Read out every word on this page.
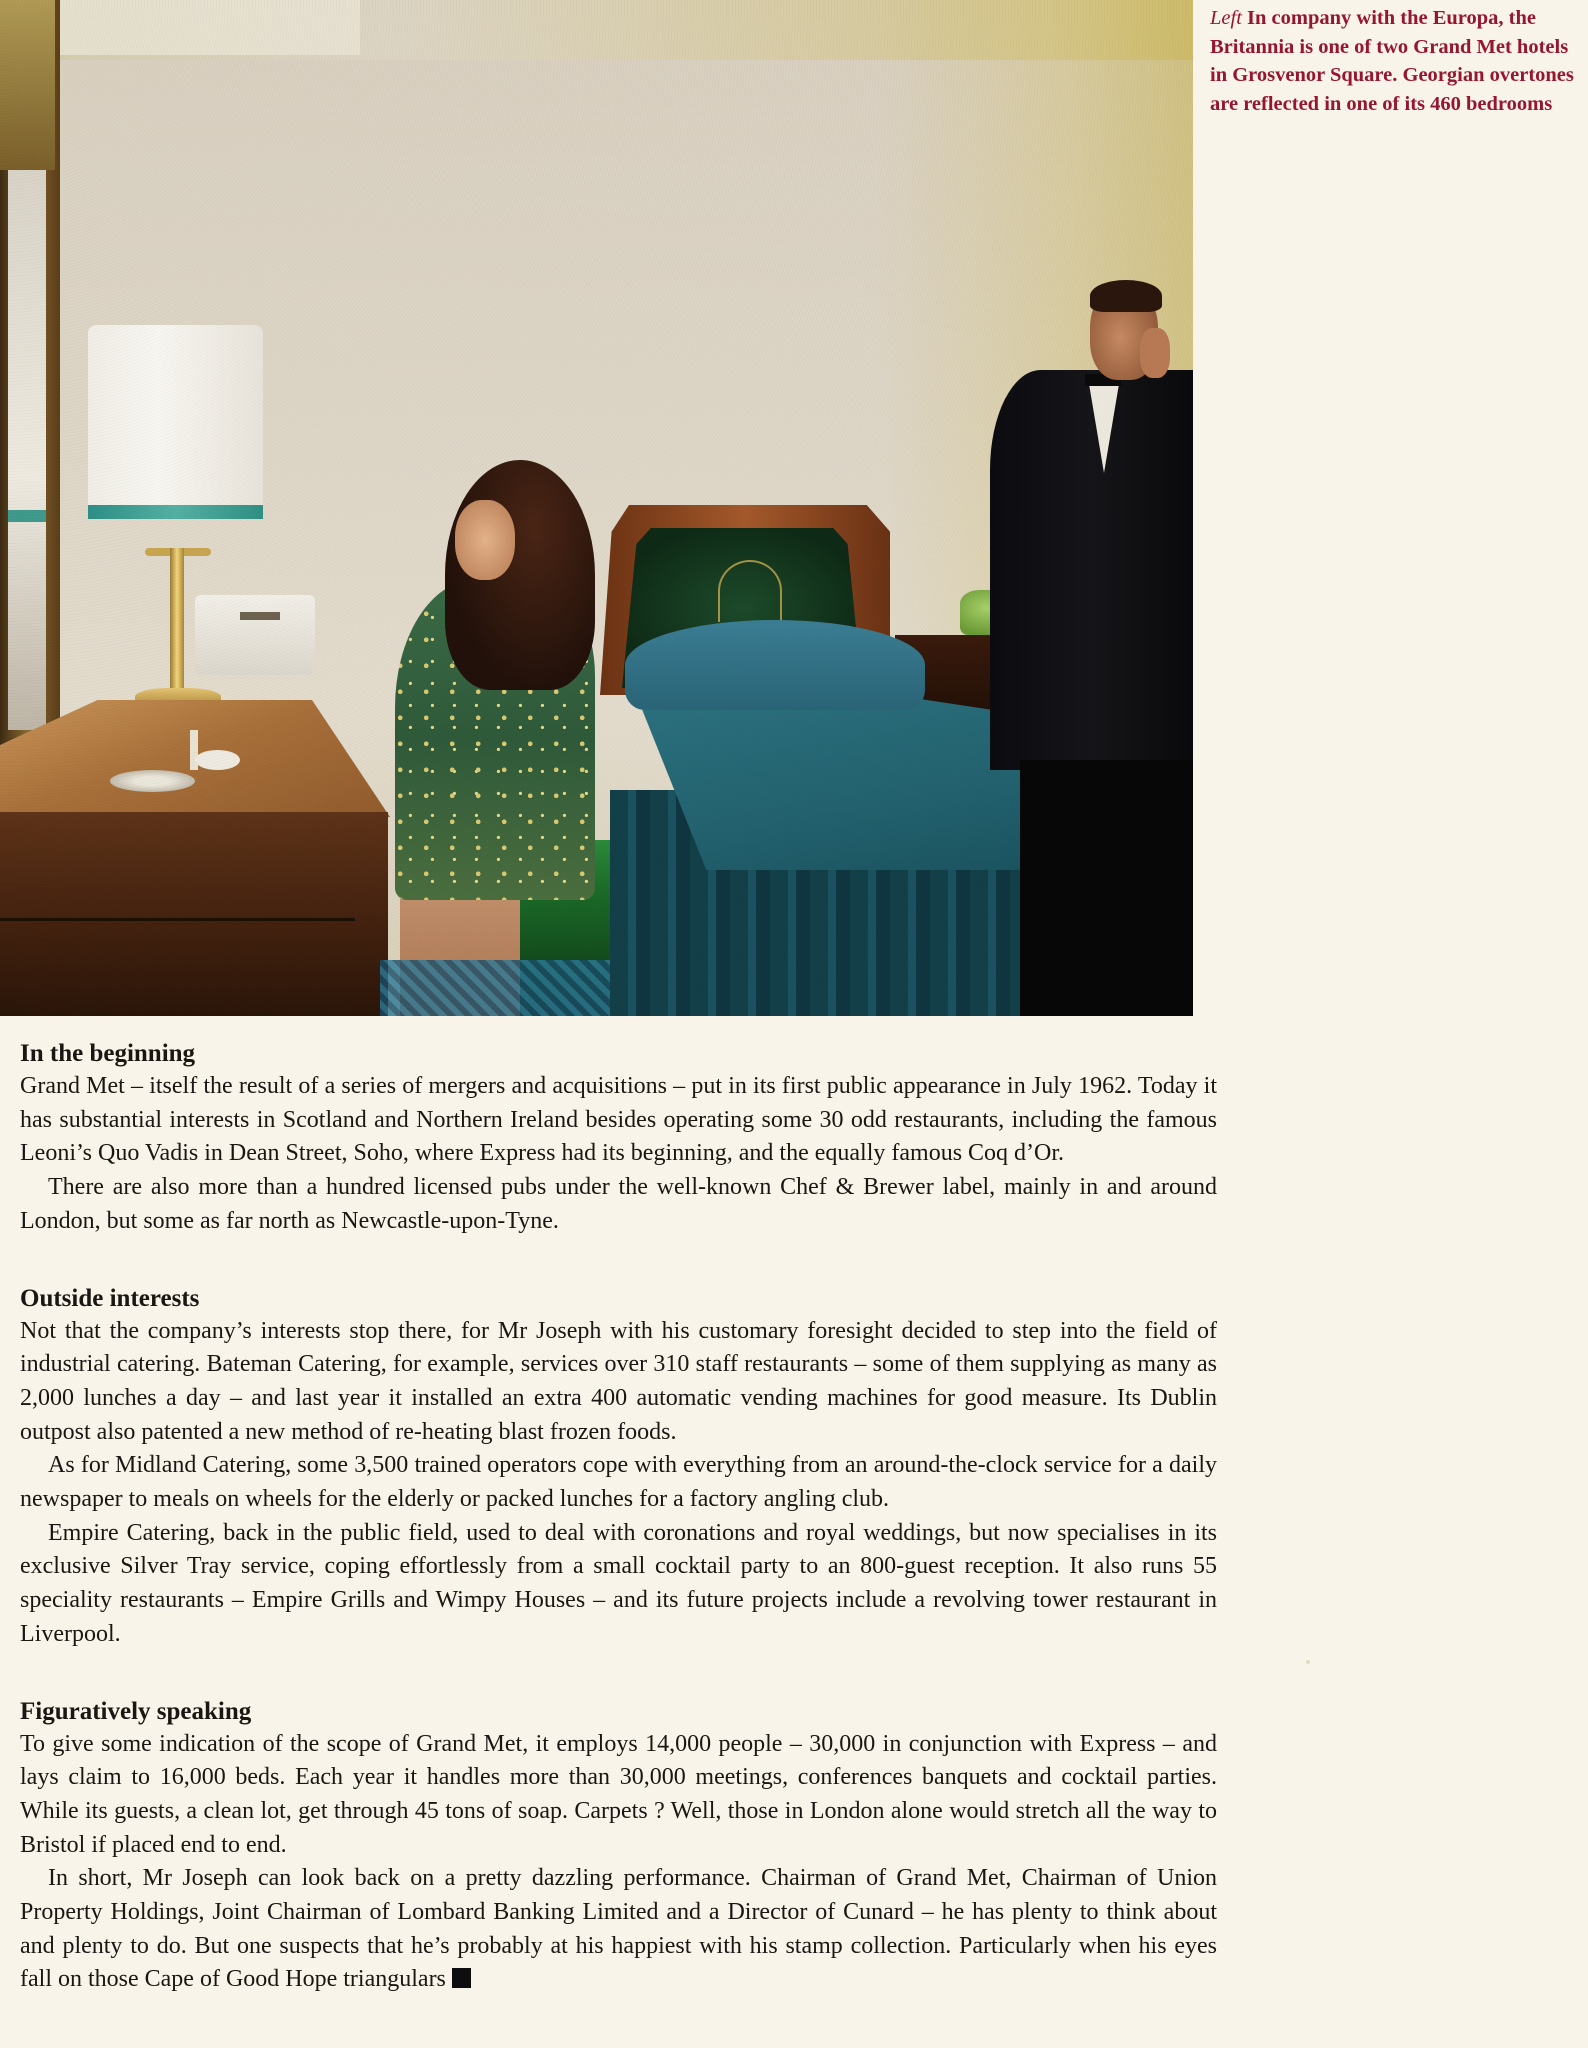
Left In company with the Europa, the Britannia is one of two Grand Met hotels in Grosvenor Square. Georgian overtones are reflected in one of its 460 bedrooms
In the beginning

Grand Met – itself the result of a series of mergers and acquisitions – put in its first public appearance in July 1962. Today it has substantial interests in Scotland and Northern Ireland besides operating some 30 odd restaurants, including the famous Leoni’s Quo Vadis in Dean Street, Soho, where Express had its beginning, and the equally famous Coq d’Or.

There are also more than a hundred licensed pubs under the well-known Chef & Brewer label, mainly in and around London, but some as far north as Newcastle-upon-Tyne.

Outside interests

Not that the company’s interests stop there, for Mr Joseph with his customary foresight decided to step into the field of industrial catering. Bateman Catering, for example, services over 310 staff restaurants – some of them supplying as many as 2,000 lunches a day – and last year it installed an extra 400 automatic vending machines for good measure. Its Dublin outpost also patented a new method of re-heating blast frozen foods.

As for Midland Catering, some 3,500 trained operators cope with everything from an around-the-clock service for a daily newspaper to meals on wheels for the elderly or packed lunches for a factory angling club.

Empire Catering, back in the public field, used to deal with coronations and royal weddings, but now specialises in its exclusive Silver Tray service, coping effortlessly from a small cocktail party to an 800-guest reception. It also runs 55 speciality restaurants – Empire Grills and Wimpy Houses – and its future projects include a revolving tower restaurant in Liverpool.

Figuratively speaking

To give some indication of the scope of Grand Met, it employs 14,000 people – 30,000 in conjunction with Express – and lays claim to 16,000 beds. Each year it handles more than 30,000 meetings, conferences banquets and cocktail parties. While its guests, a clean lot, get through 45 tons of soap. Carpets ? Well, those in London alone would stretch all the way to Bristol if placed end to end.

In short, Mr Joseph can look back on a pretty dazzling performance. Chairman of Grand Met, Chairman of Union Property Holdings, Joint Chairman of Lombard Banking Limited and a Director of Cunard – he has plenty to think about and plenty to do. But one suspects that he’s probably at his happiest with his stamp collection. Particularly when his eyes fall on those Cape of Good Hope triangulars
